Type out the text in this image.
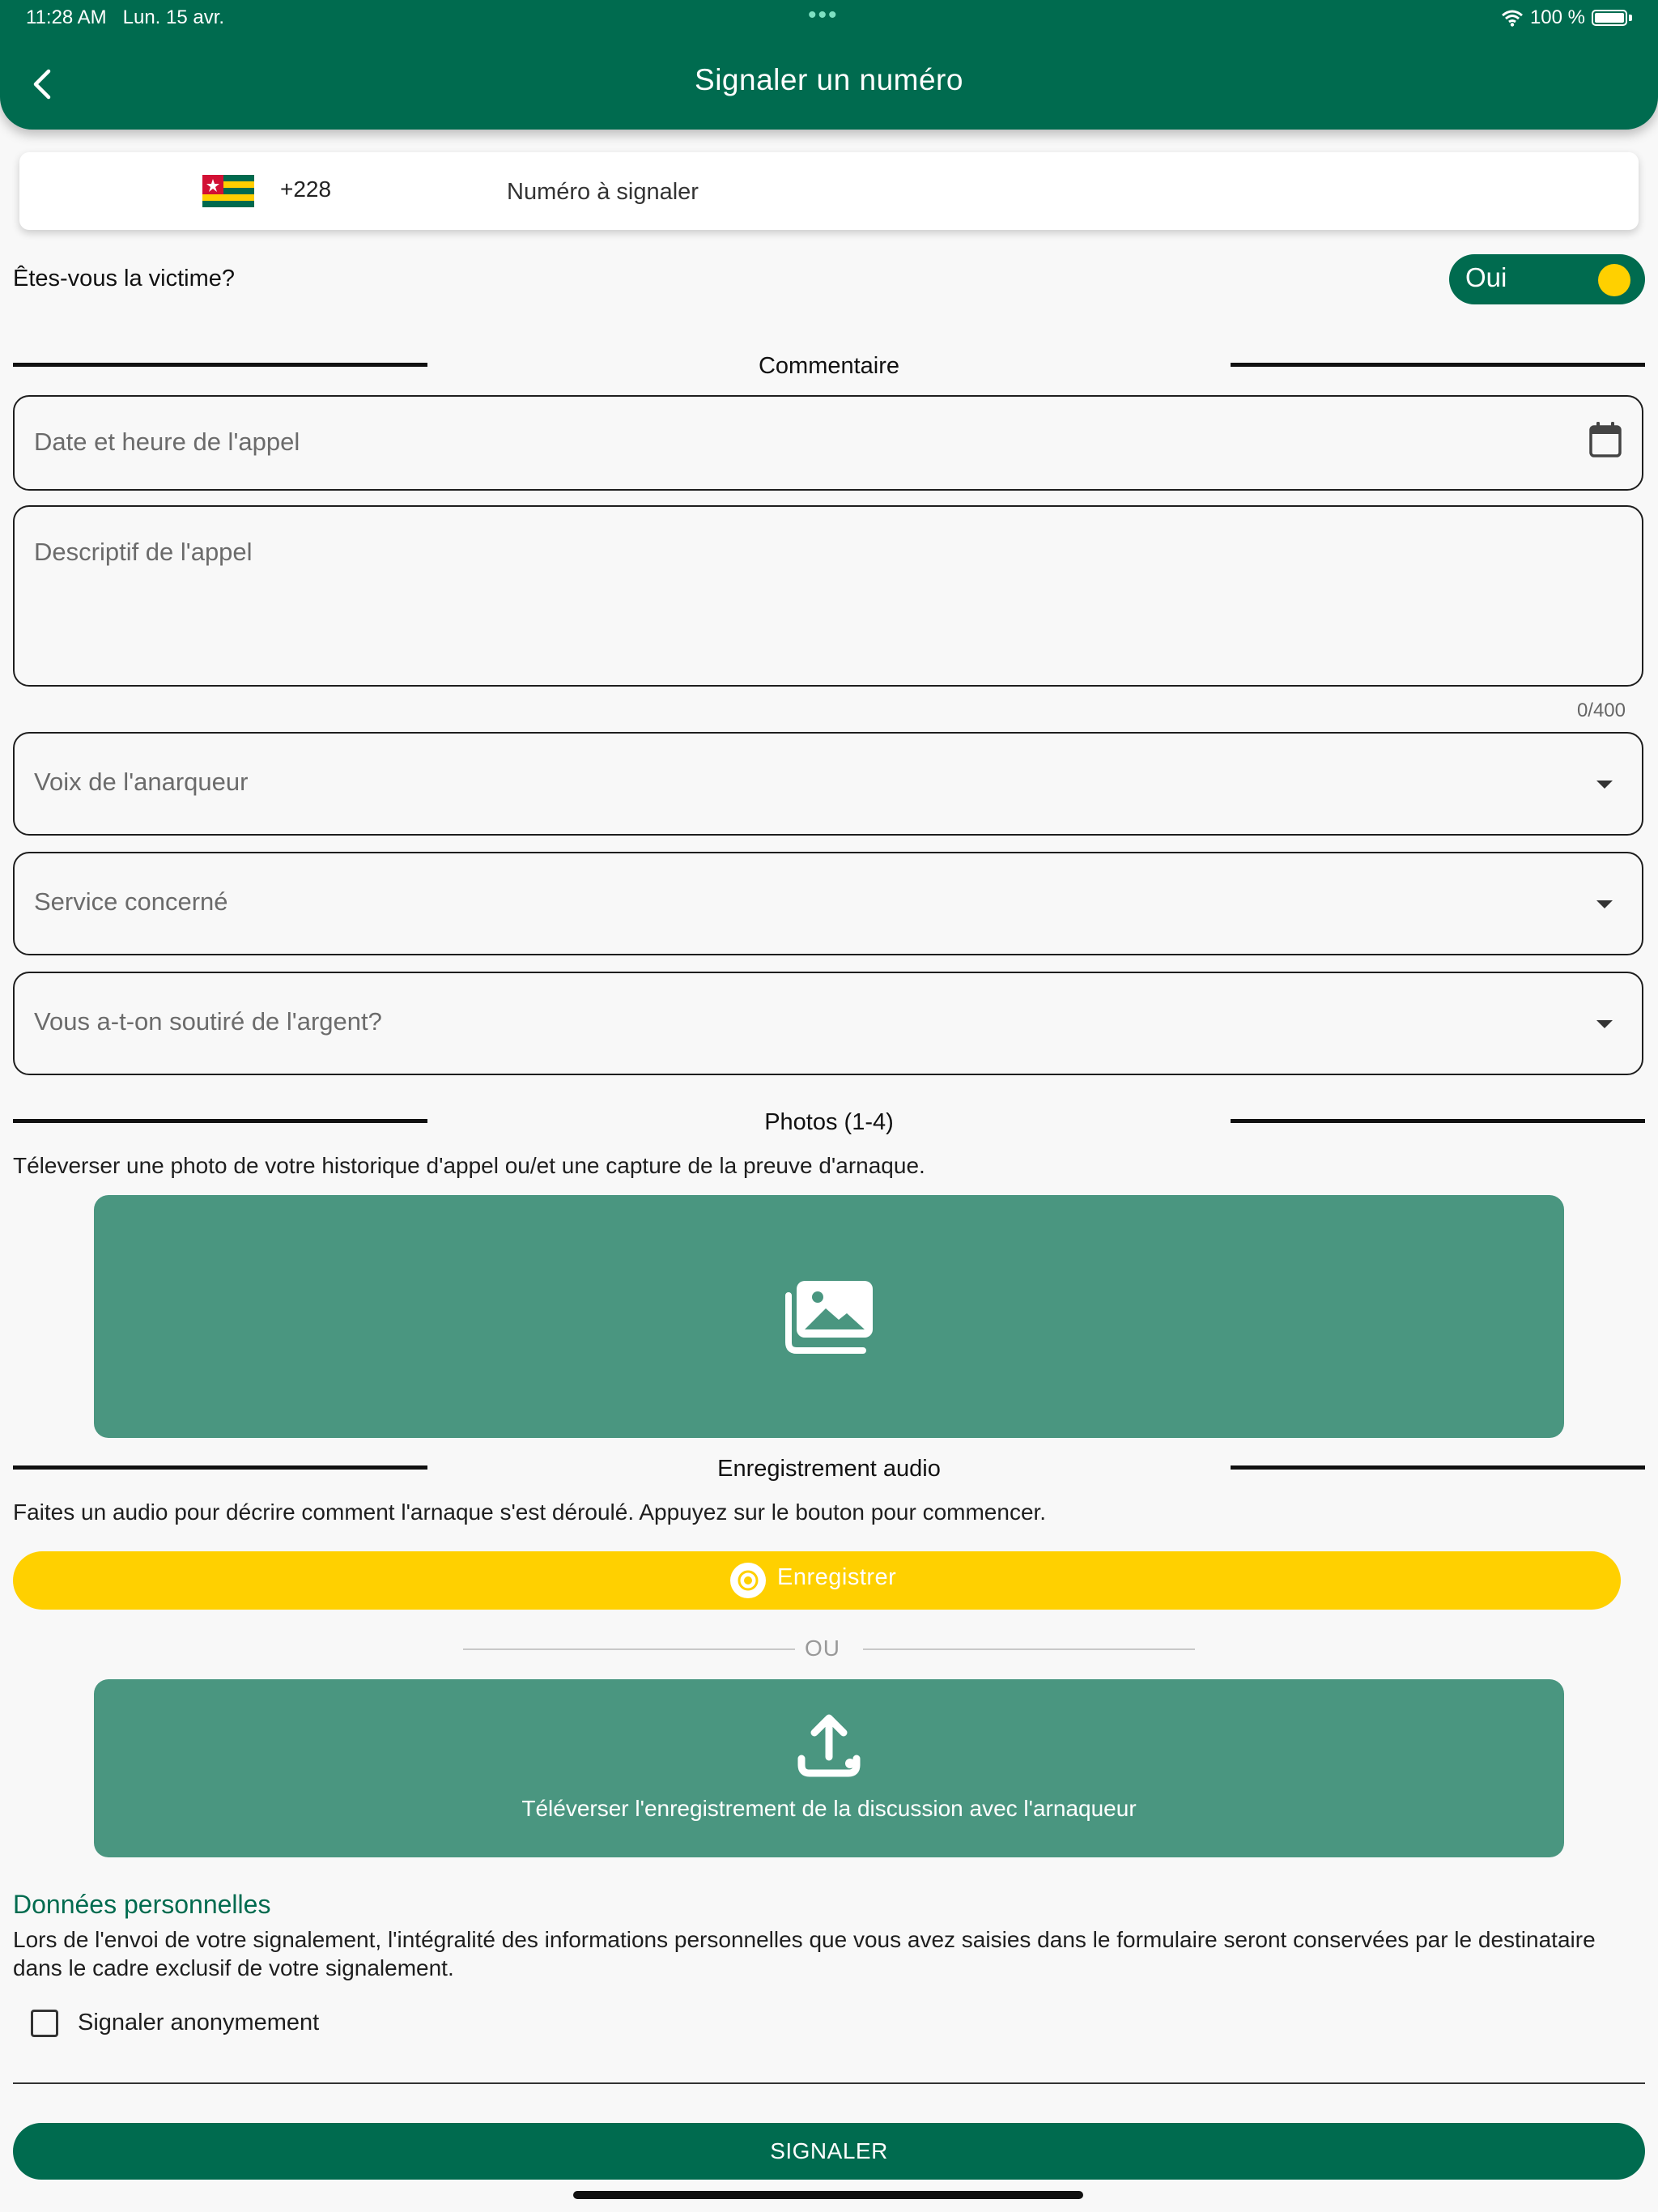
11:28 AM Lun. 15 avr.	•••	100 %
Signaler un numéro
+228
Numéro à signaler
Êtes-vous la victime?	Oui
Commentaire
Date et heure de l'appel
Descriptif de l'appel
0/400
Voix de l'anarqueur
Service concerné
Vous a-t-on soutiré de l'argent?
Photos (1-4)
Téleverser une photo de votre historique d'appel ou/et une capture de la preuve d'arnaque.
Enregistrement audio
Faites un audio pour décrire comment l'arnaque s'est déroulé. Appuyez sur le bouton pour commencer.
Enregistrer
OU
Téléverser l'enregistrement de la discussion avec l'arnaqueur
Données personnelles
Lors de l'envoi de votre signalement, l'intégralité des informations personnelles que vous avez saisies dans le formulaire seront conservées par le destinataire dans le cadre exclusif de votre signalement.
Signaler anonymement
SIGNALER
